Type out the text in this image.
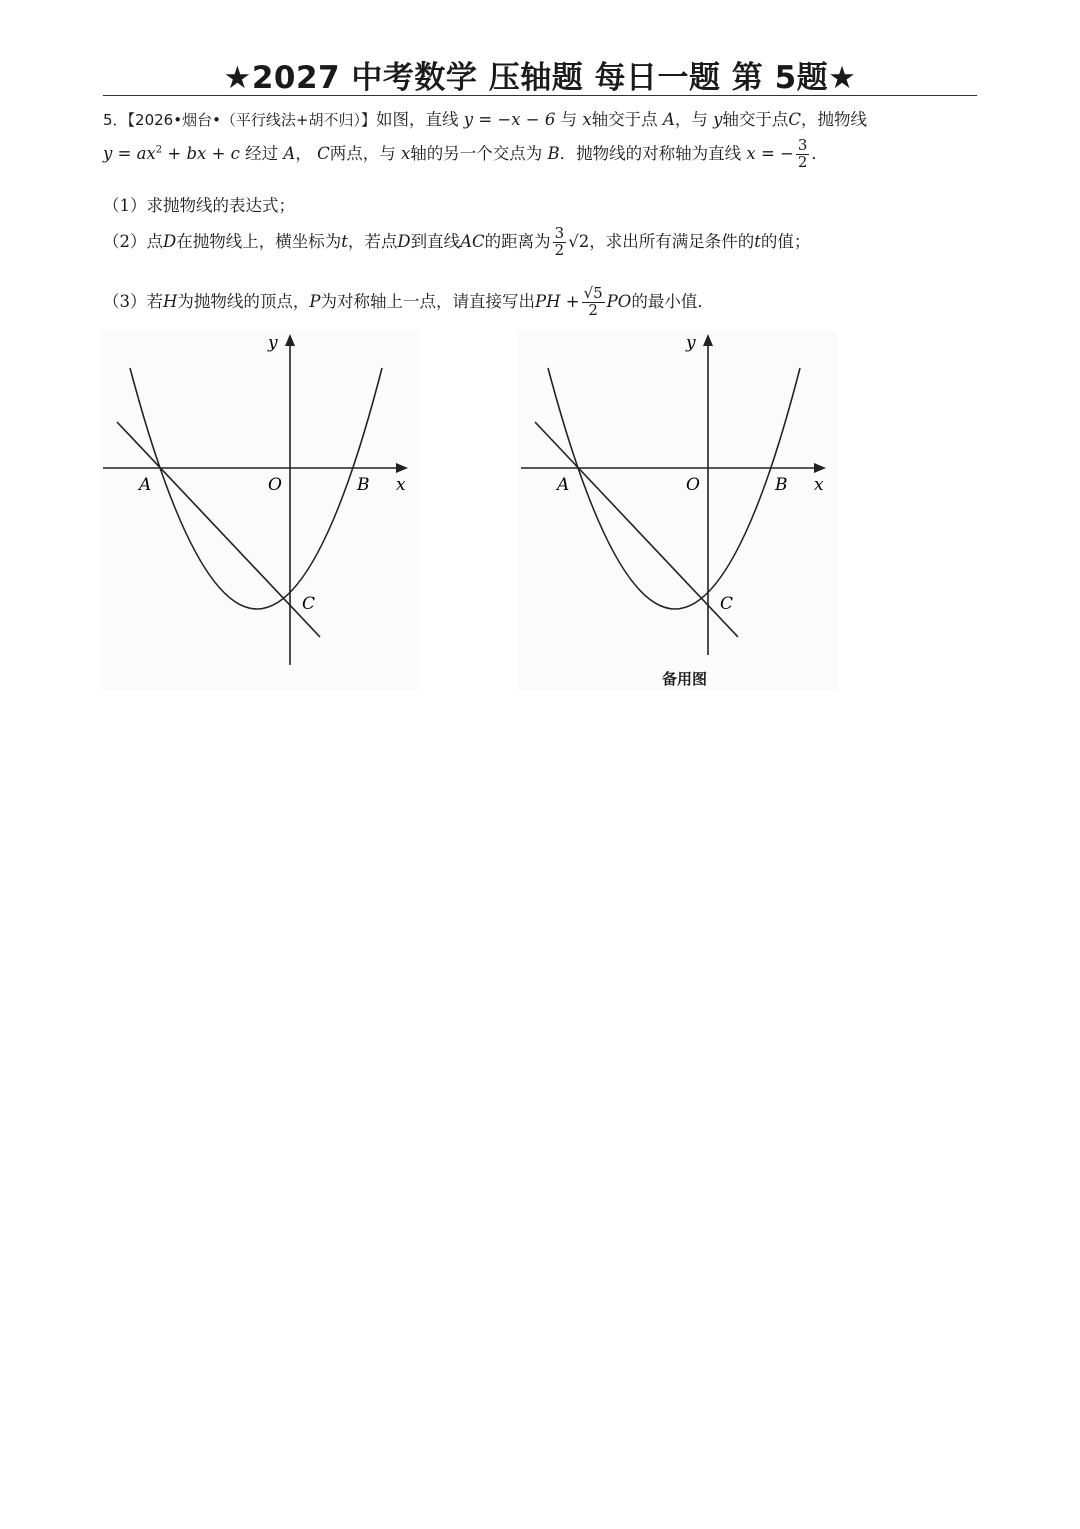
★2027 中考数学 压轴题 每日一题 第 5题★
5．【2026•烟台•（平行线法+胡不归）】如图，直线 y = −x − 6 与 x轴交于点 A，与 y轴交于点C，抛物线
$y = ax^2$ + bx + c 经过 A， C两点，与 x轴的另一个交点为 B．抛物线的对称轴为直线 x = − $\frac{3}{2}$ ．
（1）求抛物线的表达式；
（2）点D在抛物线上，横坐标为t，若点D到直线AC的距离为 $\frac{3}{2} √2$，求出所有满足条件的t的值；
（3）若H为抛物线的顶点，P为对称轴上一点，请直接写出PH + $\frac{√5}{2}$ PO的最小值．
y
x
A	O	B
C
y
x
A	O	B
C
备用图
